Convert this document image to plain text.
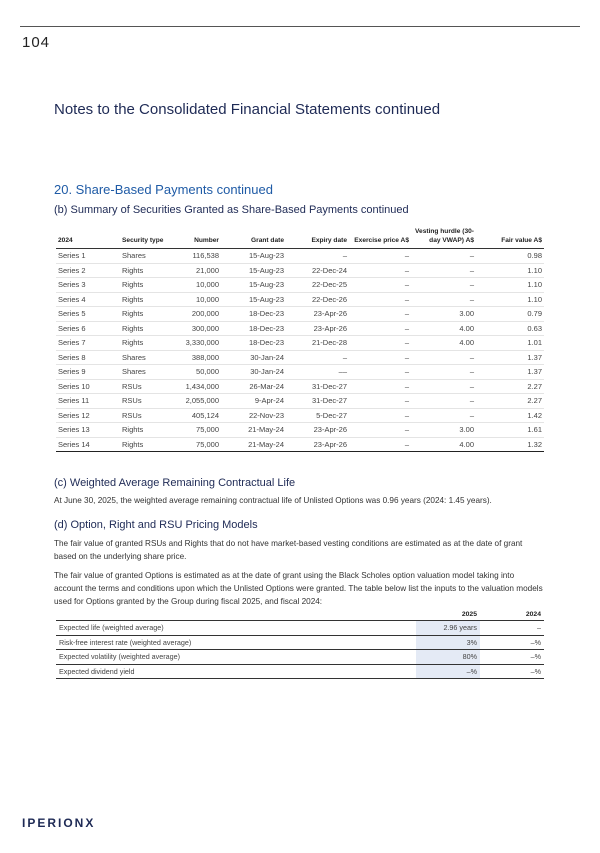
104
Notes to the Consolidated Financial Statements continued
20. Share-Based Payments continued
(b) Summary of Securities Granted as Share-Based Payments continued
2024	Security type	Number	Grant date	Expiry date	Exercise price A$	Vesting hurdle (30-day VWAP) A$	Fair value A$
Series 1	Shares	116,538	15-Aug-23	–	–	–	0.98
Series 2	Rights	21,000	15-Aug-23	22-Dec-24	–	–	1.10
Series 3	Rights	10,000	15-Aug-23	22-Dec-25	–	–	1.10
Series 4	Rights	10,000	15-Aug-23	22-Dec-26	–	–	1.10
Series 5	Rights	200,000	18-Dec-23	23-Apr-26	–	3.00	0.79
Series 6	Rights	300,000	18-Dec-23	23-Apr-26	–	4.00	0.63
Series 7	Rights	3,330,000	18-Dec-23	21-Dec-28	–	4.00	1.01
Series 8	Shares	388,000	30-Jan-24	–	–	–	1.37
Series 9	Shares	50,000	30-Jan-24	––	–	–	1.37
Series 10	RSUs	1,434,000	26-Mar-24	31-Dec-27	–	–	2.27
Series 11	RSUs	2,055,000	9-Apr-24	31-Dec-27	–	–	2.27
Series 12	RSUs	405,124	22-Nov-23	5-Dec-27	–	–	1.42
Series 13	Rights	75,000	21-May-24	23-Apr-26	–	3.00	1.61
Series 14	Rights	75,000	21-May-24	23-Apr-26	–	4.00	1.32
(c) Weighted Average Remaining Contractual Life
At June 30, 2025, the weighted average remaining contractual life of Unlisted Options was 0.96 years (2024: 1.45 years).
(d) Option, Right and RSU Pricing Models
The fair value of granted RSUs and Rights that do not have market-based vesting conditions are estimated as at the date of grant based on the underlying share price.
The fair value of granted Options is estimated as at the date of grant using the Black Scholes option valuation model taking into account the terms and conditions upon which the Unlisted Options were granted. The table below list the inputs to the valuation models used for Options granted by the Group during fiscal 2025, and fiscal 2024:
	2025	2024
Expected life (weighted average)	2.96 years	–
Risk-free interest rate (weighted average)	3%	–%
Expected volatility (weighted average)	80%	–%
Expected dividend yield	–%	–%
IPERIONX
